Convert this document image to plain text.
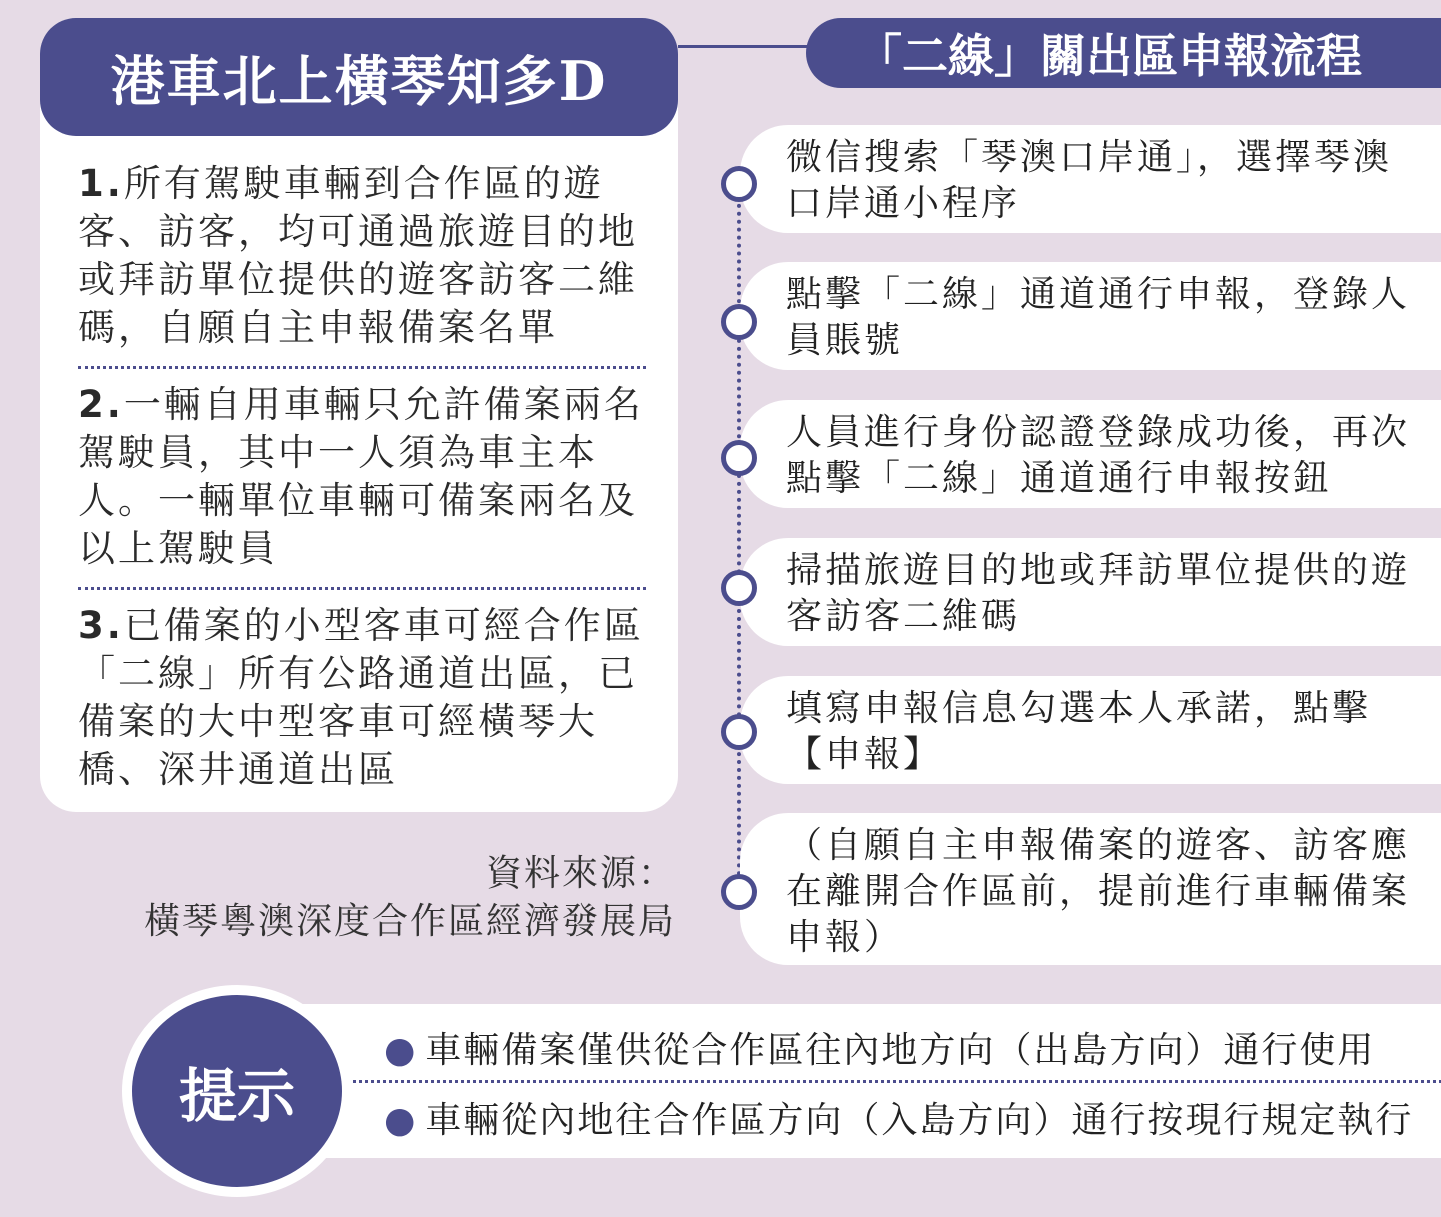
港車北上橫琴知多D
1.所有駕駛車輛到合作區的遊客、訪客，均可通過旅遊目的地或拜訪單位提供的遊客訪客二維碼，自願自主申報備案名單
2.一輛自用車輛只允許備案兩名駕駛員，其中一人須為車主本人。一輛單位車輛可備案兩名及以上駕駛員
3.已備案的小型客車可經合作區「二線」所有公路通道出區，已備案的大中型客車可經橫琴大橋、深井通道出區
資料來源：
橫琴粵澳深度合作區經濟發展局
「二線」關出區申報流程
微信搜索「琴澳口岸通」，選擇琴澳
口岸通小程序
點擊「二線」通道通行申報，登錄人
員賬號
人員進行身份認證登錄成功後，再次
點擊「二線」通道通行申報按鈕
掃描旅遊目的地或拜訪單位提供的遊
客訪客二維碼
填寫申報信息勾選本人承諾，點擊
【申報】
（自願自主申報備案的遊客、訪客應
在離開合作區前，提前進行車輛備案
申報）
● 車輛備案僅供從合作區往內地方向（出島方向）通行使用
● 車輛從內地往合作區方向（入島方向）通行按現行規定執行
提示
